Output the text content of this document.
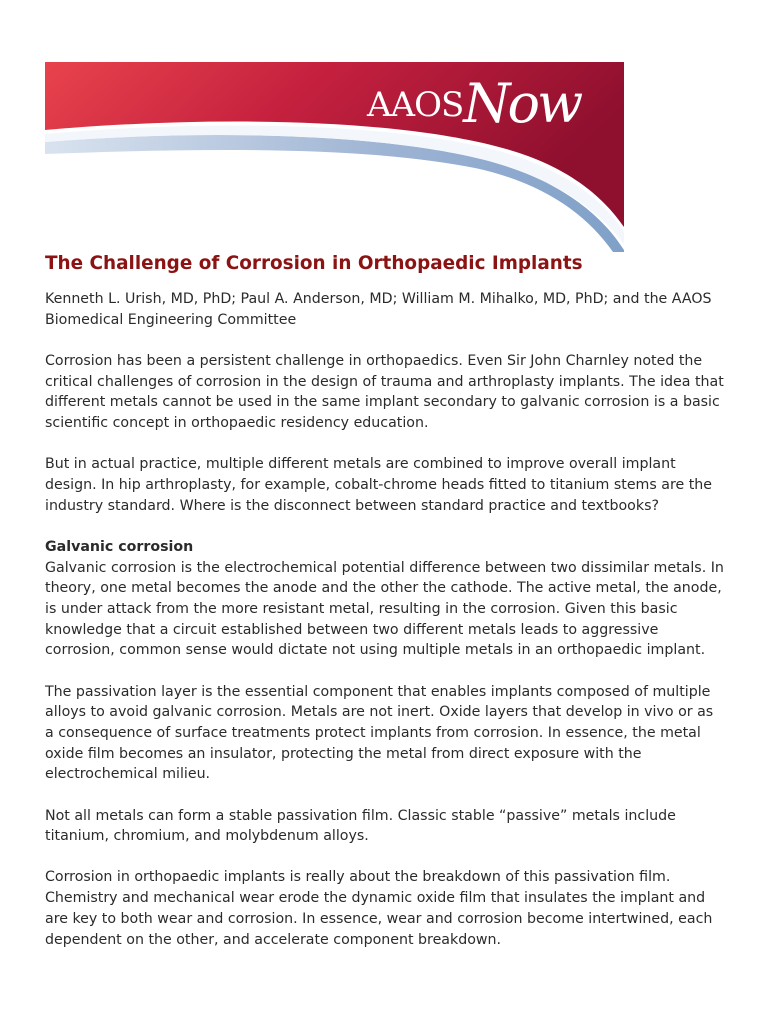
AAOSNow
The Challenge of Corrosion in Orthopaedic Implants

Kenneth L. Urish, MD, PhD; Paul A. Anderson, MD; William M. Mihalko, MD, PhD; and the AAOS Biomedical Engineering Committee

Corrosion has been a persistent challenge in orthopaedics. Even Sir John Charnley noted the critical challenges of corrosion in the design of trauma and arthroplasty implants. The idea that different metals cannot be used in the same implant secondary to galvanic corrosion is a basic scientific concept in orthopaedic residency education.

But in actual practice, multiple different metals are combined to improve overall implant design. In hip arthroplasty, for example, cobalt-chrome heads fitted to titanium stems are the industry standard. Where is the disconnect between standard practice and textbooks?

Galvanic corrosion
Galvanic corrosion is the electrochemical potential difference between two dissimilar metals. In theory, one metal becomes the anode and the other the cathode. The active metal, the anode, is under attack from the more resistant metal, resulting in the corrosion. Given this basic knowledge that a circuit established between two different metals leads to aggressive corrosion, common sense would dictate not using multiple metals in an orthopaedic implant.

The passivation layer is the essential component that enables implants composed of multiple alloys to avoid galvanic corrosion. Metals are not inert. Oxide layers that develop in vivo or as a consequence of surface treatments protect implants from corrosion. In essence, the metal oxide film becomes an insulator, protecting the metal from direct exposure with the electrochemical milieu.

Not all metals can form a stable passivation film. Classic stable “passive” metals include titanium, chromium, and molybdenum alloys.

Corrosion in orthopaedic implants is really about the breakdown of this passivation film. Chemistry and mechanical wear erode the dynamic oxide film that insulates the implant and are key to both wear and corrosion. In essence, wear and corrosion become intertwined, each dependent on the other, and accelerate component breakdown.
